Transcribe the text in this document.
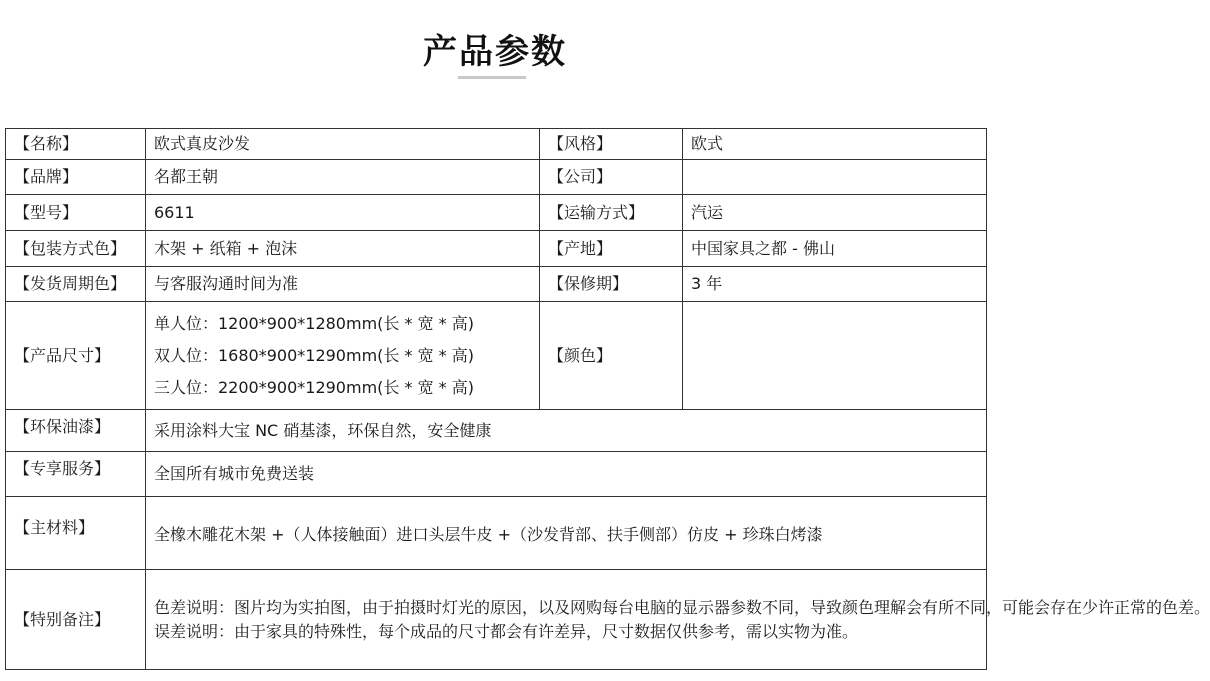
产品参数
【名称】	欧式真皮沙发	【风格】	欧式
【品牌】	名都王朝	【公司】	
【型号】	6611	【运输方式】	汽运
【包装方式色】	木架 + 纸箱 + 泡沫	【产地】	中国家具之都 - 佛山
【发货周期色】	与客服沟通时间为准	【保修期】	3 年
【产品尺寸】	单人位：1200*900*1280mm(长 * 宽 * 高)
双人位：1680*900*1290mm(长 * 宽 * 高)
三人位：2200*900*1290mm(长 * 宽 * 高)	【颜色】	
【环保油漆】	采用涂料大宝 NC 硝基漆，环保自然，安全健康		
【专享服务】	全国所有城市免费送装		
【主材料】	全橡木雕花木架 +（人体接触面）进口头层牛皮 +（沙发背部、扶手侧部）仿皮 + 珍珠白烤漆		
【特别备注】	色差说明：图片均为实拍图，由于拍摄时灯光的原因，以及网购每台电脑的显示器参数不同，导致颜色理解会有所不同，可能会存在少许正常的色差。
误差说明：由于家具的特殊性，每个成品的尺寸都会有许差异，尺寸数据仅供参考，需以实物为准。		
